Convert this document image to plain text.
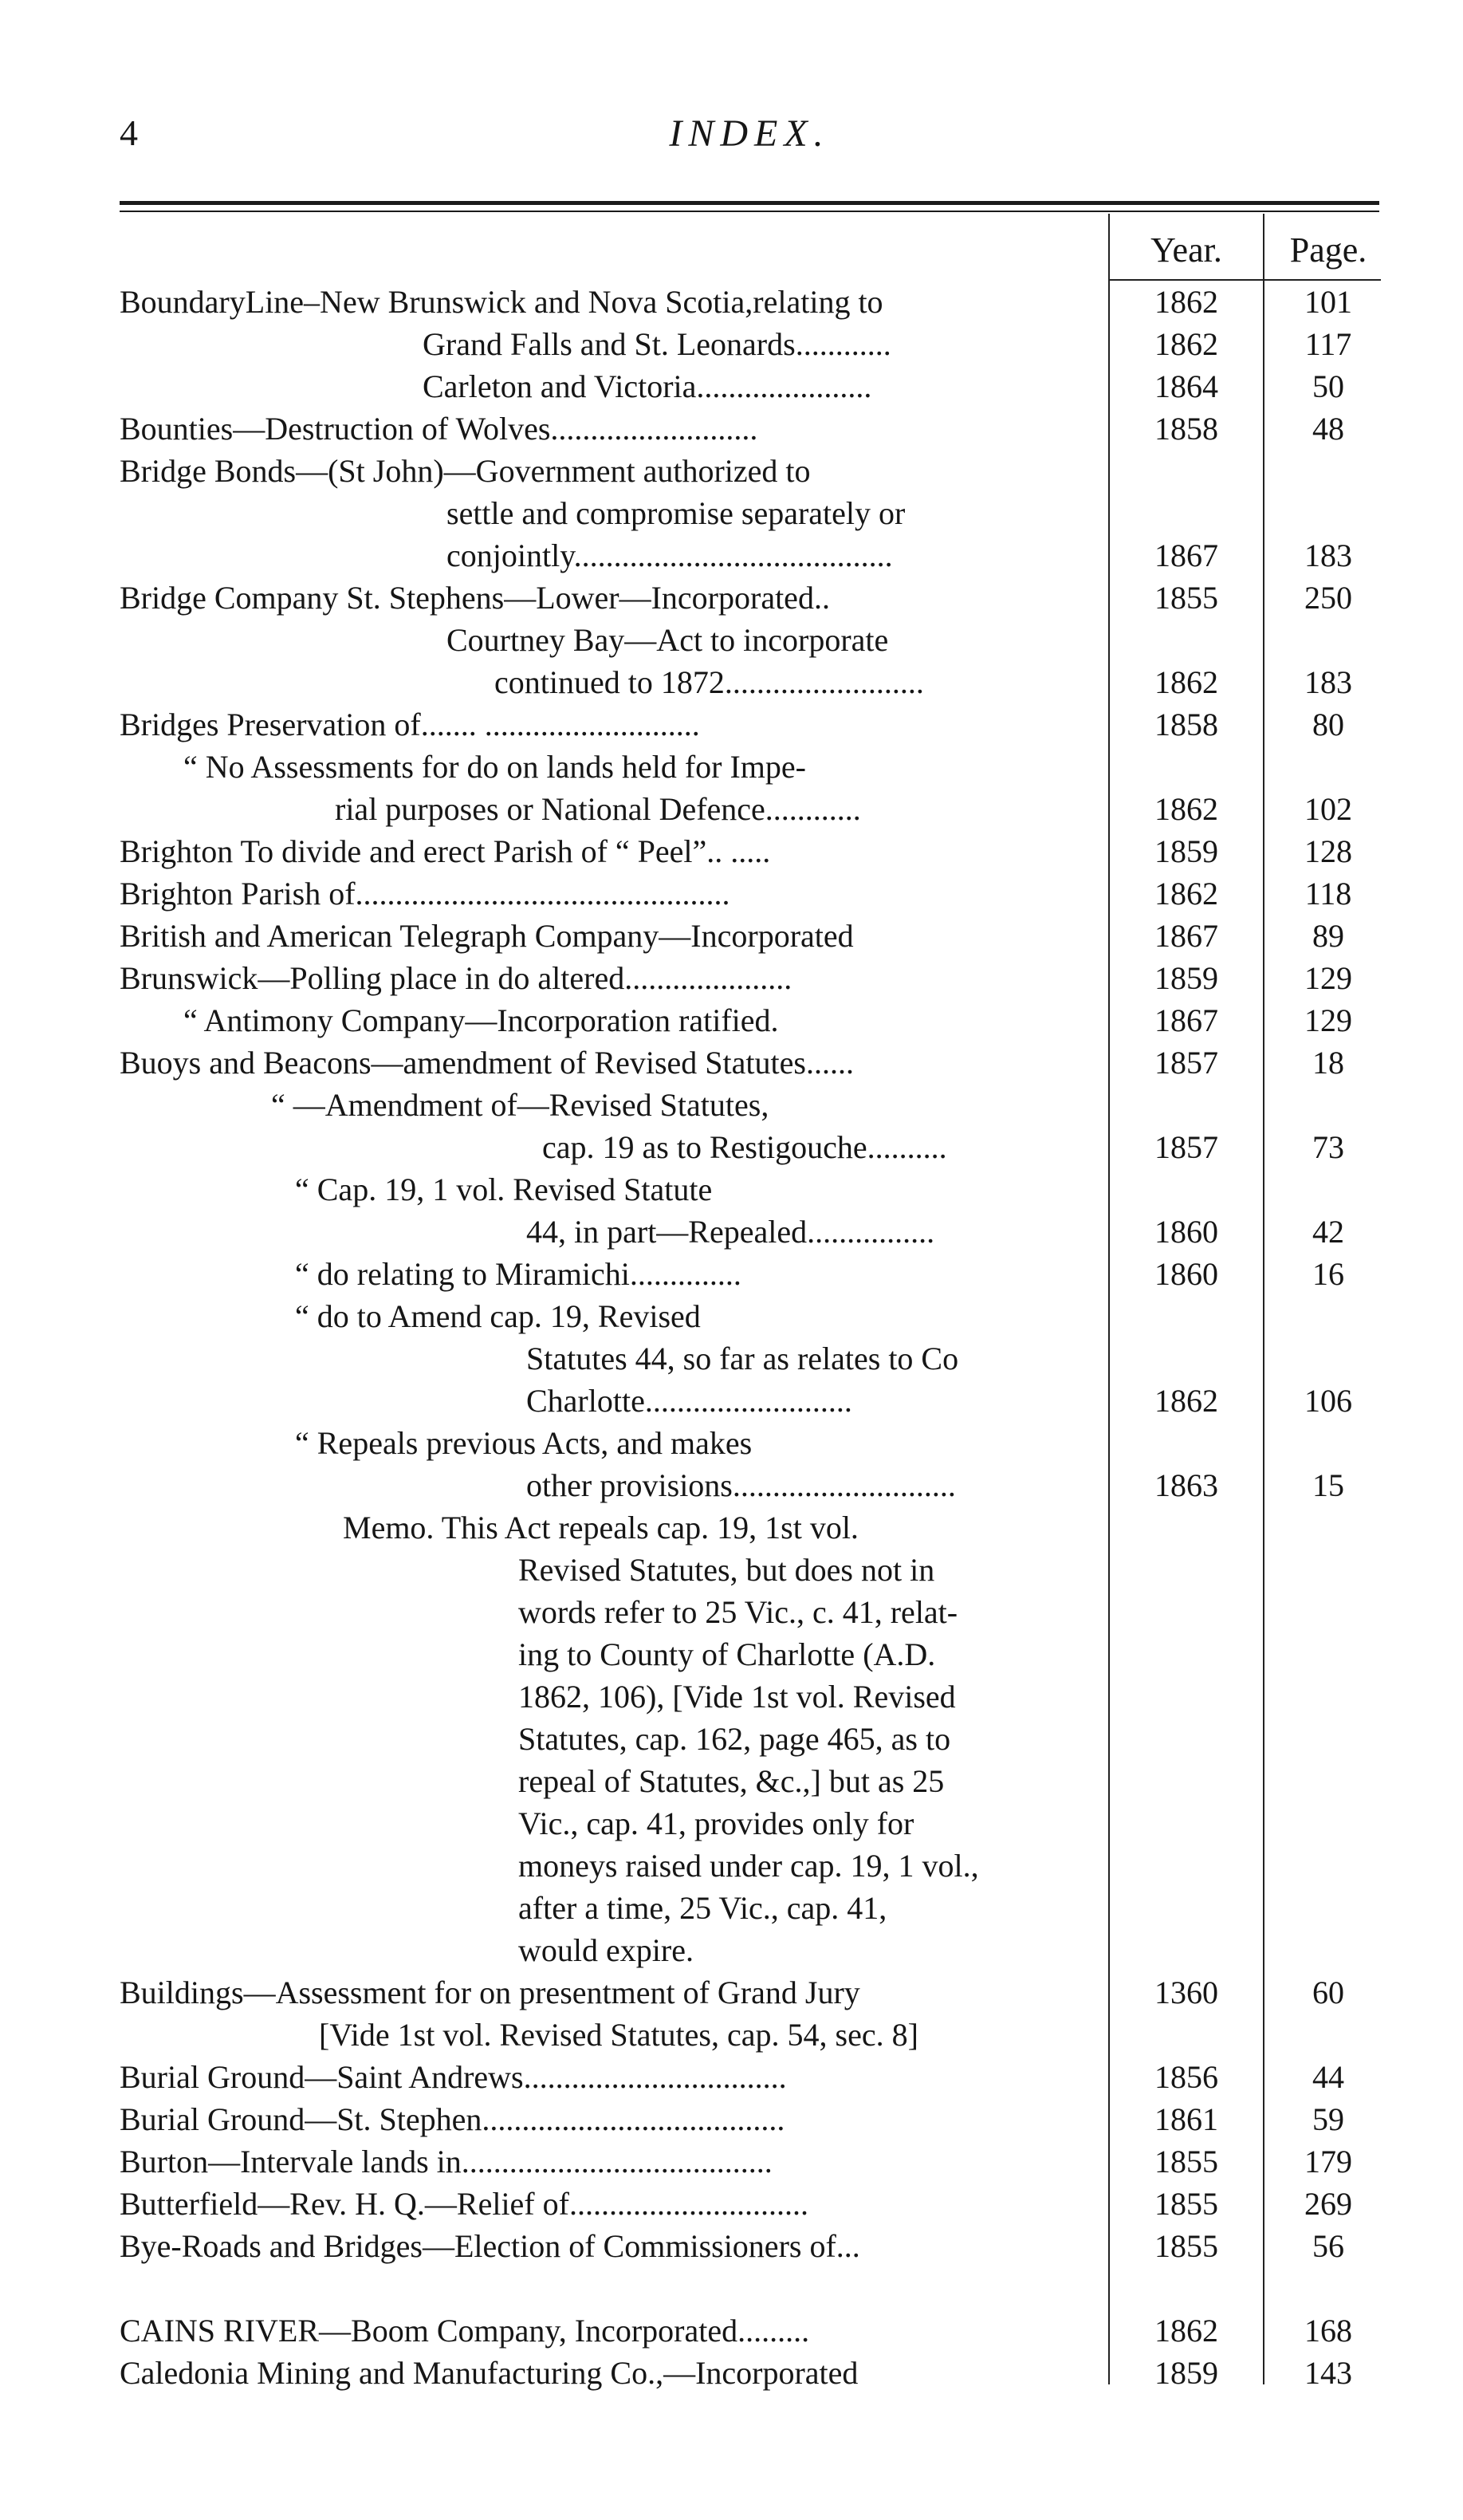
4	INDEX.
Year.	Page.
BoundaryLine–New Brunswick and Nova Scotia,relating to	1862	101
Grand Falls and St. Leonards............	1862	117
Carleton and Victoria......................	1864	50
Bounties—Destruction of Wolves..........................	1858	48
Bridge Bonds—(St John)—Government authorized to
settle and compromise separately or
conjointly........................................	1867	183
Bridge Company St. Stephens—Lower—Incorporated..	1855	250
Courtney Bay—Act to incorporate
continued to 1872.........................	1862	183
Bridges Preservation of....... ...........................	1858	80
“ No Assessments for do on lands held for Impe-
rial purposes or National Defence............	1862	102
Brighton To divide and erect Parish of “ Peel”.. .....	1859	128
Brighton Parish of...............................................	1862	118
British and American Telegraph Company—Incorporated	1867	89
Brunswick—Polling place in do altered.....................	1859	129
“ Antimony Company—Incorporation ratified.	1867	129
Buoys and Beacons—amendment of Revised Statutes......	1857	18
“ —Amendment of—Revised Statutes,
cap. 19 as to Restigouche..........	1857	73
“ Cap. 19, 1 vol. Revised Statute
44, in part—Repealed................	1860	42
“ do relating to Miramichi..............	1860	16
“ do to Amend cap. 19, Revised
Statutes 44, so far as relates to Co
Charlotte..........................	1862	106
“ Repeals previous Acts, and makes
other provisions............................	1863	15
Memo. This Act repeals cap. 19, 1st vol.
Revised Statutes, but does not in
words refer to 25 Vic., c. 41, relat-
ing to County of Charlotte (A.D.
1862, 106), [Vide 1st vol. Revised
Statutes, cap. 162, page 465, as to
repeal of Statutes, &c.,] but as 25
Vic., cap. 41, provides only for
moneys raised under cap. 19, 1 vol.,
after a time, 25 Vic., cap. 41,
would expire.
Buildings—Assessment for on presentment of Grand Jury	1360	60
[Vide 1st vol. Revised Statutes, cap. 54, sec. 8]
Burial Ground—Saint Andrews.................................	1856	44
Burial Ground—St. Stephen......................................	1861	59
Burton—Intervale lands in.......................................	1855	179
Butterfield—Rev. H. Q.—Relief of..............................	1855	269
Bye-Roads and Bridges—Election of Commissioners of...	1855	56
CAINS RIVER—Boom Company, Incorporated.........	1862	168
Caledonia Mining and Manufacturing Co.,—Incorporated	1859	143
